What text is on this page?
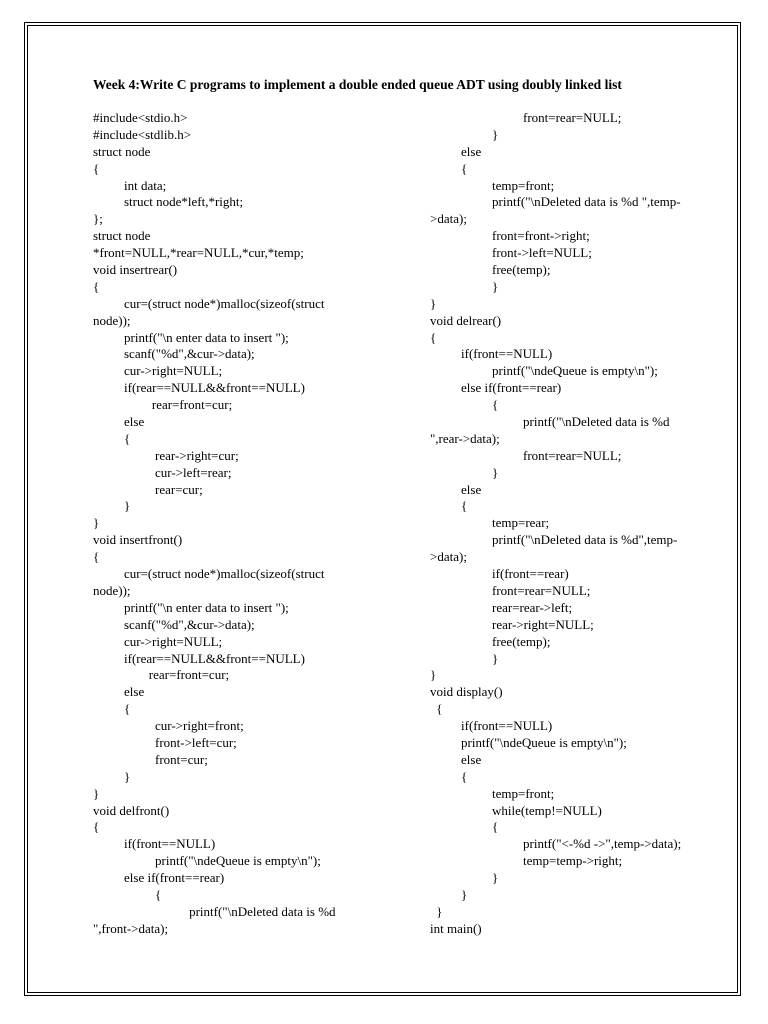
Week 4:Write C programs to implement a double ended queue ADT using doubly linked list
#include<stdio.h>
#include<stdlib.h>
struct node
{
int data;
struct node*left,*right;
};
struct node
*front=NULL,*rear=NULL,*cur,*temp;
void insertrear()
{
cur=(struct node*)malloc(sizeof(struct
node));
printf("\n enter data to insert ");
scanf("%d",&cur->data);
cur->right=NULL;
if(rear==NULL&&front==NULL)
rear=front=cur;
else
{
rear->right=cur;
cur->left=rear;
rear=cur;
}
}
void insertfront()
{
cur=(struct node*)malloc(sizeof(struct
node));
printf("\n enter data to insert ");
scanf("%d",&cur->data);
cur->right=NULL;
if(rear==NULL&&front==NULL)
rear=front=cur;
else
{
cur->right=front;
front->left=cur;
front=cur;
}
}
void delfront()
{
if(front==NULL)
printf("\ndeQueue is empty\n");
else if(front==rear)
{
printf("\nDeleted data is %d
",front->data);
front=rear=NULL;
}
else
{
temp=front;
printf("\nDeleted data is %d ",temp-
>data);
front=front->right;
front->left=NULL;
free(temp);
}
}
void delrear()
{
if(front==NULL)
printf("\ndeQueue is empty\n");
else if(front==rear)
{
printf("\nDeleted data is %d
",rear->data);
front=rear=NULL;
}
else
{
temp=rear;
printf("\nDeleted data is %d",temp-
>data);
if(front==rear)
front=rear=NULL;
rear=rear->left;
rear->right=NULL;
free(temp);
}
}
void display()
{
if(front==NULL)
printf("\ndeQueue is empty\n");
else
{
temp=front;
while(temp!=NULL)
{
printf("<-%d ->",temp->data);
temp=temp->right;
}
}
}
int main()
